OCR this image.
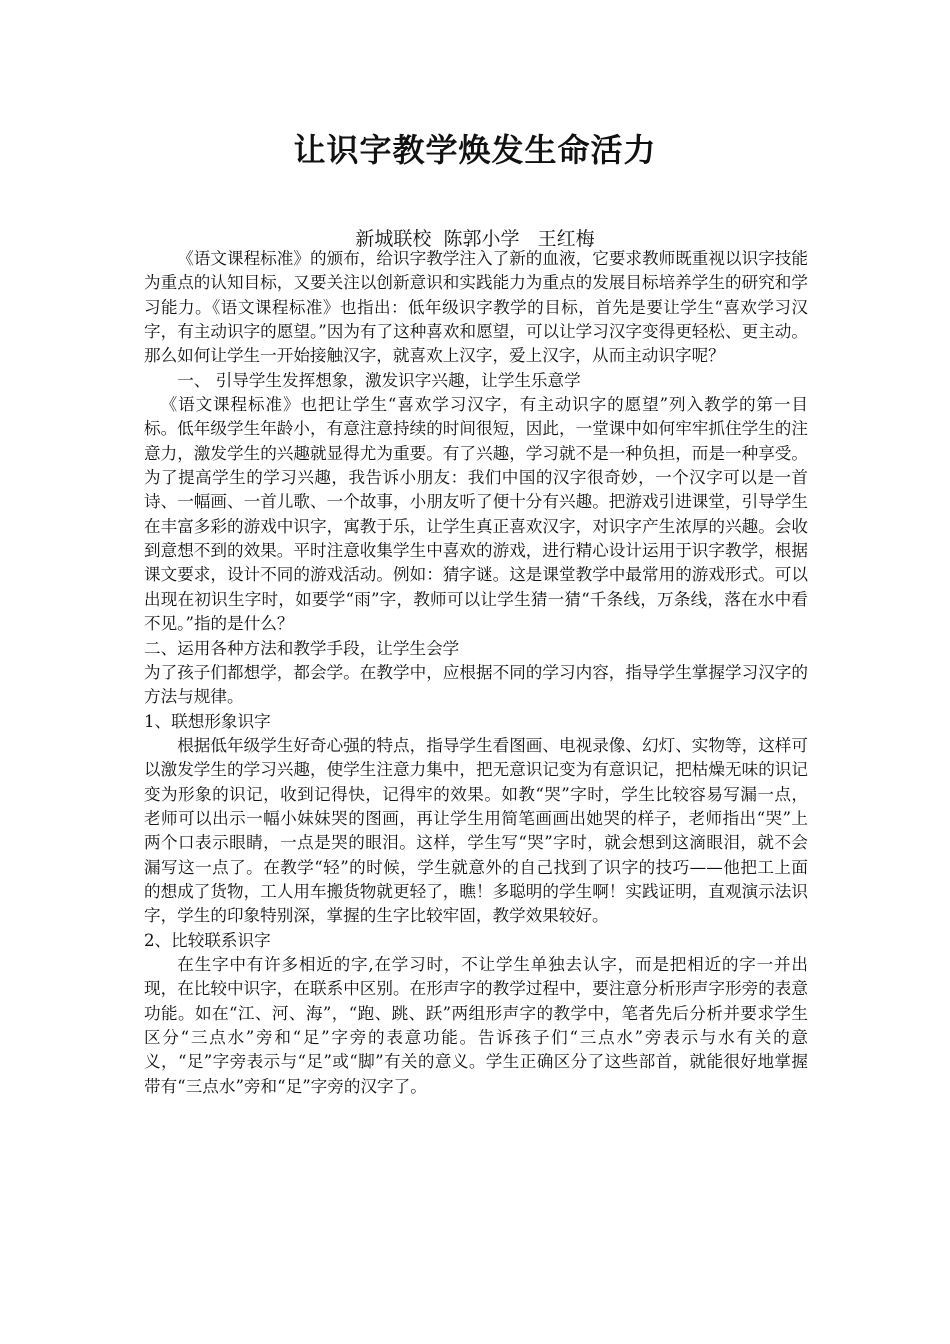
让识字教学焕发生命活力
新城联校  陈郭小学   王红梅

《语文课程标准》的颁布，给识字教学注入了新的血液，它要求教师既重视以识字技能为重点的认知目标，又要关注以创新意识和实践能力为重点的发展目标培养学生的研究和学习能力。《语文课程标准》也指出：低年级识字教学的目标，首先是要让学生“喜欢学习汉字，有主动识字的愿望。”因为有了这种喜欢和愿望，可以让学习汉字变得更轻松、更主动。那么如何让学生一开始接触汉字，就喜欢上汉字，爱上汉字，从而主动识字呢？

一、 引导学生发挥想象，激发识字兴趣，让学生乐意学

《语文课程标准》也把让学生“喜欢学习汉字，有主动识字的愿望”列入教学的第一目标。低年级学生年龄小，有意注意持续的时间很短，因此，一堂课中如何牢牢抓住学生的注意力，激发学生的兴趣就显得尤为重要。有了兴趣，学习就不是一种负担，而是一种享受。为了提高学生的学习兴趣，我告诉小朋友：我们中国的汉字很奇妙，一个汉字可以是一首诗、一幅画、一首儿歌、一个故事，小朋友听了便十分有兴趣。把游戏引进课堂，引导学生在丰富多彩的游戏中识字，寓教于乐，让学生真正喜欢汉字，对识字产生浓厚的兴趣。会收到意想不到的效果。平时注意收集学生中喜欢的游戏，进行精心设计运用于识字教学，根据课文要求，设计不同的游戏活动。例如：猜字谜。这是课堂教学中最常用的游戏形式。可以出现在初识生字时，如要学“雨”字，教师可以让学生猜一猜“千条线，万条线，落在水中看不见。”指的是什么？

二、运用各种方法和教学手段，让学生会学

为了孩子们都想学，都会学。在教学中，应根据不同的学习内容，指导学生掌握学习汉字的方法与规律。

1、联想形象识字

根据低年级学生好奇心强的特点，指导学生看图画、电视录像、幻灯、实物等，这样可以激发学生的学习兴趣，使学生注意力集中，把无意识记变为有意识记，把枯燥无味的识记变为形象的识记，收到记得快，记得牢的效果。如教“哭”字时，学生比较容易写漏一点，老师可以出示一幅小妹妹哭的图画，再让学生用简笔画画出她哭的样子，老师指出“哭”上两个口表示眼睛，一点是哭的眼泪。这样，学生写“哭”字时，就会想到这滴眼泪，就不会漏写这一点了。在教学“轻”的时候，学生就意外的自己找到了识字的技巧——他把工上面的想成了货物，工人用车搬货物就更轻了，瞧！多聪明的学生啊！实践证明，直观演示法识字，学生的印象特别深，掌握的生字比较牢固，教学效果较好。

2、比较联系识字

在生字中有许多相近的字,在学习时，不让学生单独去认字，而是把相近的字一并出现，在比较中识字，在联系中区别。在形声字的教学过程中，要注意分析形声字形旁的表意功能。如在“江、河、海”，“跑、跳、跃”两组形声字的教学中，笔者先后分析并要求学生区分“三点水”旁和“足”字旁的表意功能。告诉孩子们“三点水”旁表示与水有关的意义，“足”字旁表示与“足”或“脚”有关的意义。学生正确区分了这些部首，就能很好地掌握带有“三点水”旁和“足”字旁的汉字了。
